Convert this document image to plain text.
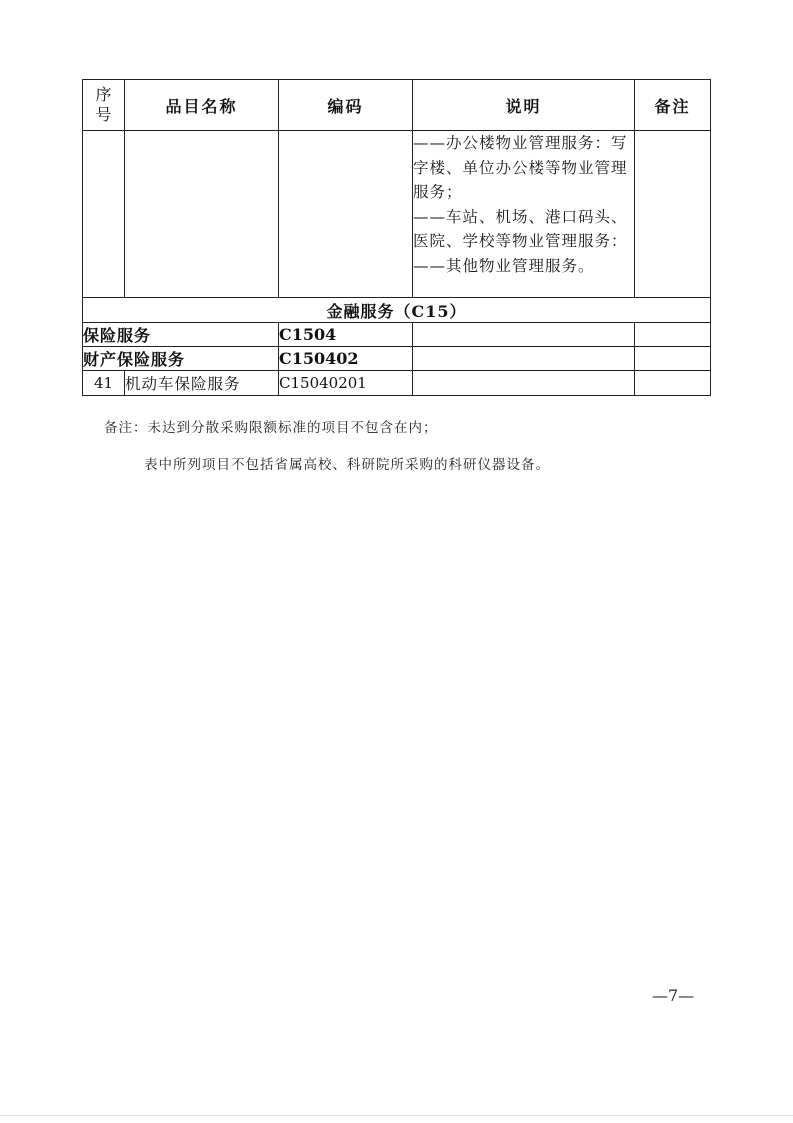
序
号	品目名称	编码	说明	备注

			——办公楼物业管理服务：写字楼、单位办公楼等物业管理服务；
——车站、机场、港口码头、医院、学校等物业管理服务：
——其他物业管理服务。	

金融服务（C15）				
保险服务		C1504		
财产保险服务		C150402		
41	机动车保险服务	C15040201		
备注：未达到分散采购限额标准的项目不包含在内；
表中所列项目不包括省属高校、科研院所采购的科研仪器设备。
—7—
